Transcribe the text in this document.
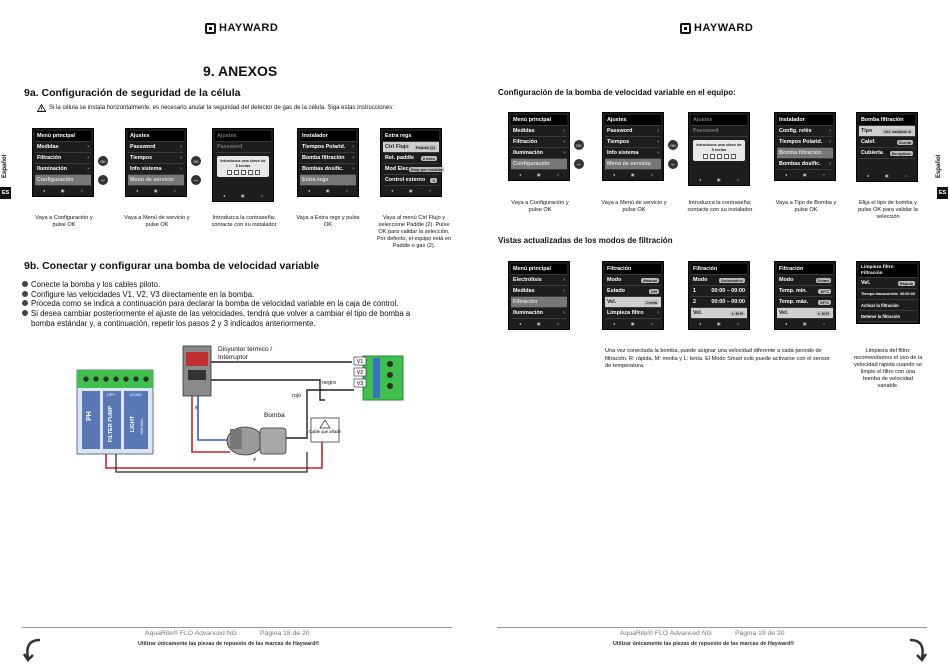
HAYWARD
9. ANEXOS
Español
ES
9a. Configuración de seguridad de la célula
Si la célula se instala horizontalmente, es necesario anular la seguridad del detector de gas de la célula. Siga estas instrucciones:
Menú principal
Medidas	›
Filtración	›
Iluminación	›
Configuración
◂	▣	⌂
OK
↩
Ajustes
Password	›
Tiempos	›
Info sistema	›
Menú de servicio
◂	▣	⌂
OK
↩
Ajustes
Password
Introduzca una clave de 5 teclas
◂	▣	⌂
Instalador
Tiempos Polarid. ›
Bomba filtración ›
Bombas dosific. ›
Extra regs
◂	▣	⌂
Extra regs
Ctrl Flujo	Paddle (2)
Ret. paddle	0 secs
Mod Elec Stop por medida
Control externo	X
◂	▣	⌂
Vaya a Configuración y pulse OK
Vaya a Menú de servicio y pulse OK
Introduzca la contraseña: contacte con su instalador
Vaya a Extra regs y pulse OK
Vaya al menú Ctrl Flujo y seleccione Paddle (2). Pulse OK para validar la selección. Por defecto, el equipo está en Paddle o gas (2).
9b. Conectar y configurar una bomba de velocidad variable
Conecte la bomba y los cables piloto.
Configure las velocidades V1, V2, V3 directamente en la bomba.
Proceda como se indica a continuación para declarar la bomba de velocidad variable en la caja de control.
Si desea cambiar posteriormente el ajuste de las velocidades, tendrá que volver a cambiar el tipo de bomba a bomba estándar y, a continuación, repetir los pasos 2 y 3 indicados anteriormente.
PH	FILTER PUMP	LIGHT 60W MAX.
DRY	12VAC
⚡
V1
V2
V3
⚡
Cable que añadir
Disyuntor térmico / Interruptor
Bomba
rojo
negro
AquaRite® FLO Advanced NG	Página 18 de 20
Utilizar únicamente las piezas de repuesto de las marcas de Hayward®
HAYWARD
Español
ES
Configuración de la bomba de velocidad variable en el equipo:
Menú principal
Medidas	›
Filtración	›
Iluminación	›
Configuración
◂	▣	⌂
OK
↩
Ajustes
Password	›
Tiempos	›
Info sistema	›
Menú de servicio
◂	▣	⌂
OK
↩
Ajustes
Password
Introduzca una clave de 5 teclas
◂	▣	⌂
Instalador
Config. relés	›
Tiempos Polarid. ›
Bomba filtración
Bombas dosific. ›
◂	▣	⌂
Bomba filtración
Tipo	Vel. variable A
Calef.	Sonda
Cubierta	No aplicar
◂	▣	⌂
Vaya a Configuración y pulse OK
Vaya a Menú de servicio y pulse OK
Introduzca la contraseña: contacte con su instalador
Vaya a Tipo de Bomba y pulse OK
Elija el tipo de bomba y pulse OK para validar la selección
Vistas actualizadas de los modos de filtración
Menú principal
Electrólisis	›
Medidas	›
Filtración
Iluminación	›
◂	▣	⌂
Filtración
Modo	Manual
Estado	ON
Vel.	Lenta
Limpieza filtro	›
◂	▣	⌂
Filtración
Modo	Automático
1	00:00 – 00:00
2	00:00 – 00:00
Vel.	L M R
◂	▣	⌂
Filtración
Modo	Smart
Temp. mín.	10°C
Temp. máx.	25°C
Vel.	L M R
◂	▣	⌂
Limpieza filtro Filtración
Vel.	Rápida
Tiempo transcurrido 00:00:00
Activar la filtración
Detener la filtración
Una vez conectada la bomba, puede asignar una velocidad diferente a cada periodo de filtración. R: rápida, M: media y L: lenta. El Modo Smart solo puede activarse con el sensor de temperatura.
Limpieza del filtro: recomendamos el uso de la velocidad rápida cuando se limpie el filtro con una bomba de velocidad variable.
AquaRite® FLO Advanced NG	Página 19 de 20
Utilizar únicamente las piezas de repuesto de las marcas de Hayward®
